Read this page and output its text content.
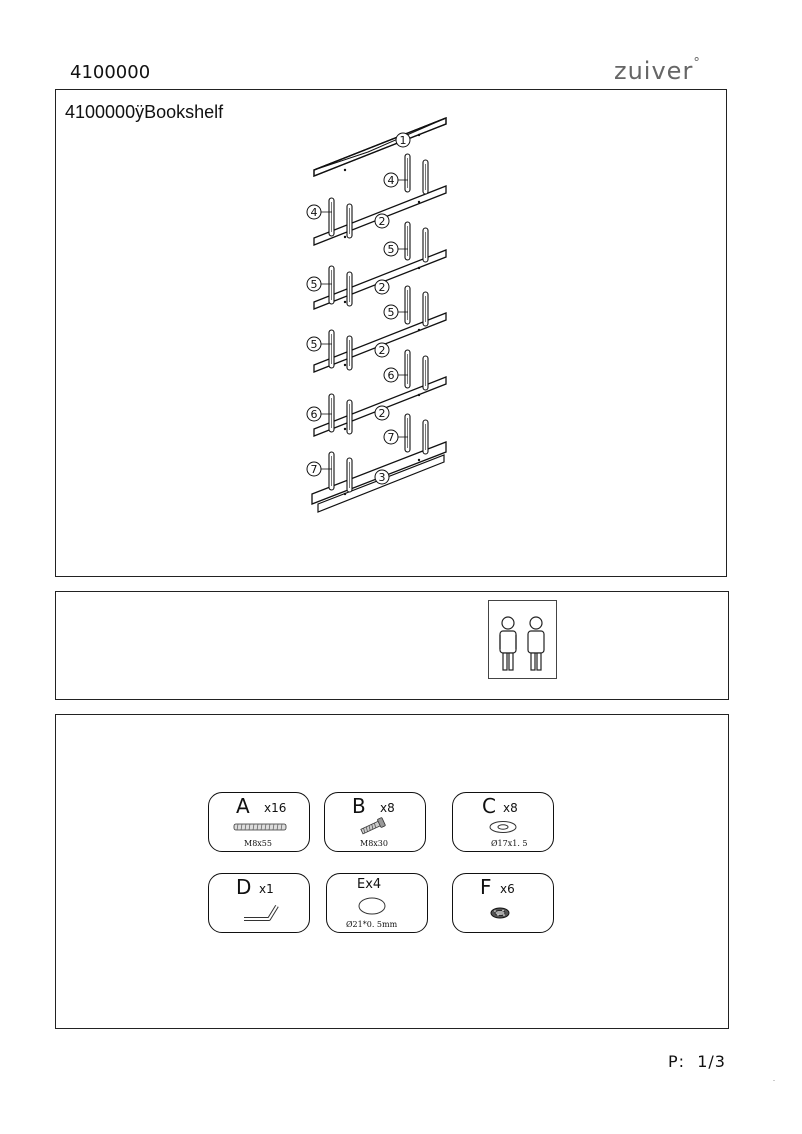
4100000	zuiver°
4100000ÿBookshelf
1
4
4
2
5
5	2
5
5	2
6
6	2
7
7
3
A x16
M8x55
B x8
M8x30
C x8
Ø17x1. 5
D x1	Ex4
Ø21*0. 5mm
F x6
P: 1/3
